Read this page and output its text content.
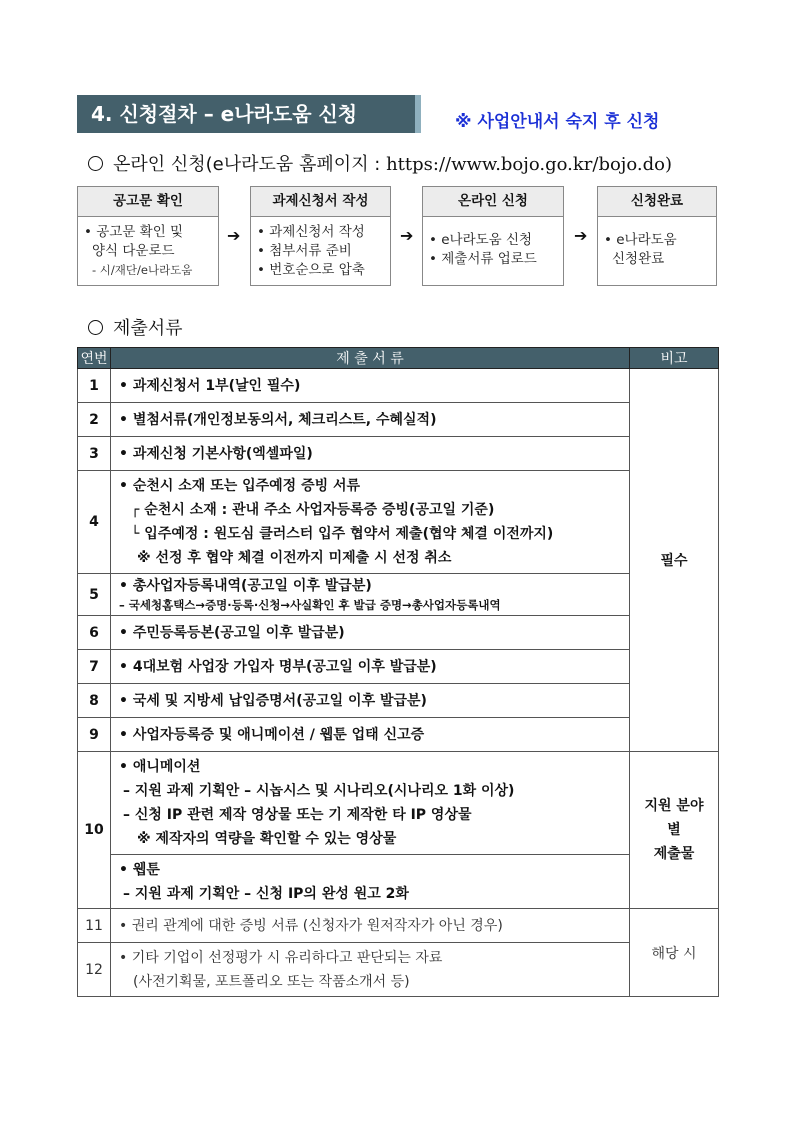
4. 신청절차 – e나라도움 신청	※ 사업안내서 숙지 후 신청
온라인 신청(e나라도움 홈페이지 : https://www.bojo.go.kr/bojo.do)
공고문 확인
• 공고문 확인 및
양식 다운로드
- 시/재단/e나라도움
➔
과제신청서 작성
• 과제신청서 작성
• 첨부서류 준비
• 번호순으로 압축
➔
온라인 신청
• e나라도움 신청
• 제출서류 업로드
➔
신청완료
• e나라도움
신청완료
제출서류
연번	제 출 서 류	비고
1	• 과제신청서 1부(날인 필수)	필수
2	• 별첨서류(개인정보동의서, 체크리스트, 수혜실적)	

3	• 과제신청 기본사항(엑셀파일)	

4	• 순천시 소재 또는 입주예정 증빙 서류
┌ 순천시 소재 : 관내 주소 사업자등록증 증빙(공고일 기준)
└ 입주예정 : 원도심 클러스터 입주 협약서 제출(협약 체결 이전까지)
※ 선정 후 협약 체결 이전까지 미제출 시 선정 취소	

5	• 총사업자등록내역(공고일 이후 발급분)
– 국세청홈택스→증명·등록·신청→사실확인 후 발급 증명→총사업자등록내역	

6	• 주민등록등본(공고일 이후 발급분)	

7	• 4대보험 사업장 가입자 명부(공고일 이후 발급분)	

8	• 국세 및 지방세 납입증명서(공고일 이후 발급분)	

9	• 사업자등록증 및 애니메이션 / 웹툰 업태 신고증	

10	• 애니메이션
– 지원 과제 기획안 – 시놉시스 및 시나리오(시나리오 1화 이상)
– 신청 IP 관련 제작 영상물 또는 기 제작한 타 IP 영상물
※ 제작자의 역량을 확인할 수 있는 영상물	지원 분야별
제출물

	• 웹툰
– 지원 과제 기획안 – 신청 IP의 완성 원고 2화	

11	• 권리 관계에 대한 증빙 서류 (신청자가 원저작자가 아닌 경우)	해당 시
12	• 기타 기업이 선정평가 시 유리하다고 판단되는 자료
(사전기획물, 포트폴리오 또는 작품소개서 등)	
